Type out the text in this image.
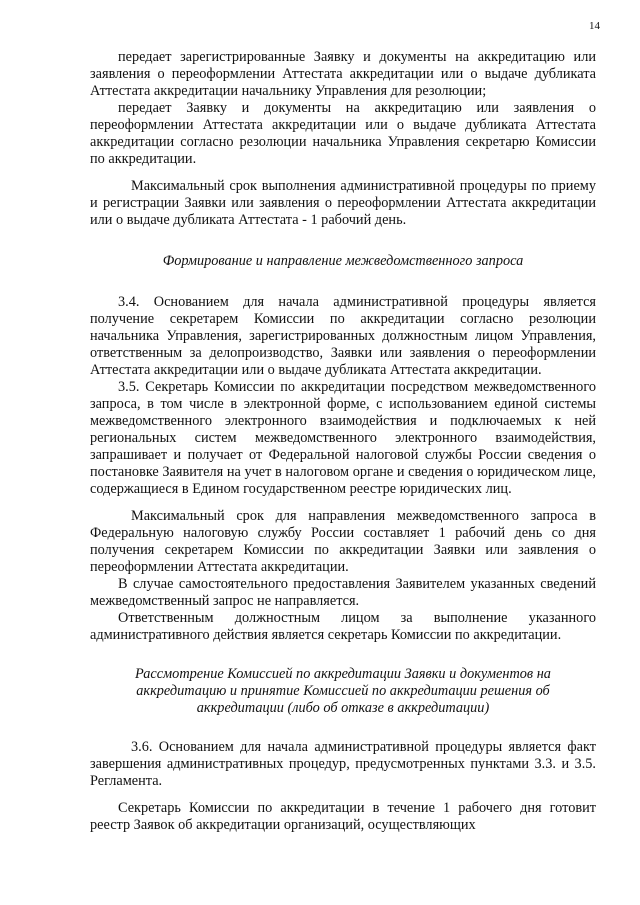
14

передает зарегистрированные Заявку и документы на аккредитацию или заявления о переоформлении Аттестата аккредитации или о выдаче дубликата Аттестата аккредитации начальнику Управления для резолюции;

передает Заявку и документы на аккредитацию или заявления о переоформлении Аттестата аккредитации или о выдаче дубликата Аттестата аккредитации согласно резолюции начальника Управления секретарю Комиссии по аккредитации.

Максимальный срок выполнения административной процедуры по приему и регистрации Заявки или заявления о переоформлении Аттестата аккредитации или о выдаче дубликата Аттестата - 1 рабочий день.

Формирование и направление межведомственного запроса

3.4. Основанием для начала административной процедуры является получение секретарем Комиссии по аккредитации согласно резолюции начальника Управления, зарегистрированных должностным лицом Управления, ответственным за делопроизводство, Заявки или заявления о переоформлении Аттестата аккредитации или о выдаче дубликата Аттестата аккредитации.

3.5. Секретарь Комиссии по аккредитации посредством межведомственного запроса, в том числе в электронной форме, с использованием единой системы межведомственного электронного взаимодействия и подключаемых к ней региональных систем межведомственного электронного взаимодействия, запрашивает и получает от Федеральной налоговой службы России сведения о постановке Заявителя на учет в налоговом органе и сведения о юридическом лице, содержащиеся в Едином государственном реестре юридических лиц.

Максимальный срок для направления межведомственного запроса в Федеральную налоговую службу России составляет 1 рабочий день со дня получения секретарем Комиссии по аккредитации Заявки или заявления о переоформлении Аттестата аккредитации.

В случае самостоятельного предоставления Заявителем указанных сведений межведомственный запрос не направляется.

Ответственным должностным лицом за выполнение указанного административного действия является секретарь Комиссии по аккредитации.

Рассмотрение Комиссией по аккредитации Заявки и документов на аккредитацию и принятие Комиссией по аккредитации решения об аккредитации (либо об отказе в аккредитации)

3.6. Основанием для начала административной процедуры является факт завершения административных процедур, предусмотренных пунктами 3.3. и 3.5. Регламента.

Секретарь Комиссии по аккредитации в течение 1 рабочего дня готовит реестр Заявок об аккредитации организаций, осуществляющих
